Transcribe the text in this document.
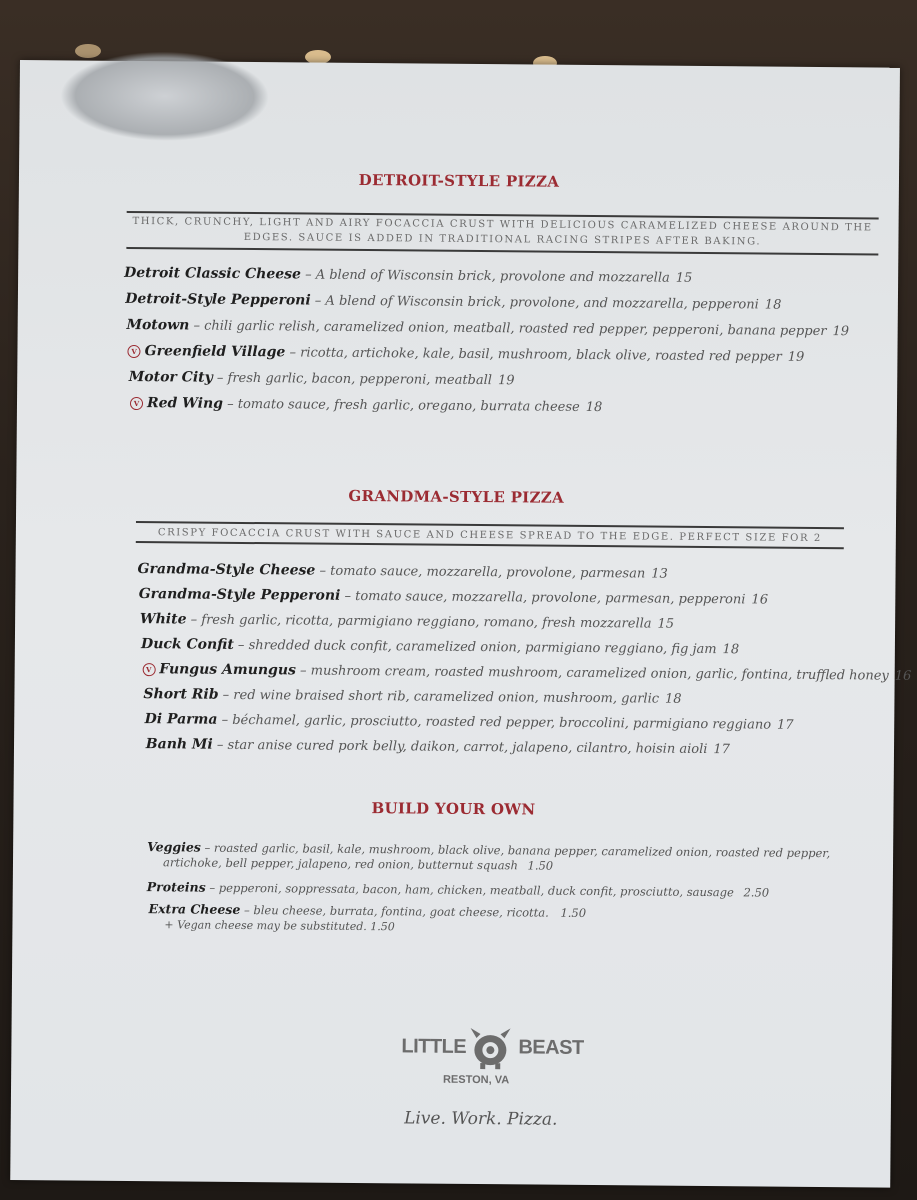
DETROIT-STYLE PIZZA
THICK, CRUNCHY, LIGHT AND AIRY FOCACCIA CRUST WITH DELICIOUS CARAMELIZED CHEESE AROUND THE
EDGES. SAUCE IS ADDED IN TRADITIONAL RACING STRIPES AFTER BAKING.
Detroit Classic Cheese – A blend of Wisconsin brick, provolone and mozzarella 15
Detroit-Style Pepperoni – A blend of Wisconsin brick, provolone, and mozzarella, pepperoni 18
Motown – chili garlic relish, caramelized onion, meatball, roasted red pepper, pepperoni, banana pepper 19
V Greenfield Village – ricotta, artichoke, kale, basil, mushroom, black olive, roasted red pepper 19
Motor City – fresh garlic, bacon, pepperoni, meatball 19
V Red Wing – tomato sauce, fresh garlic, oregano, burrata cheese 18
GRANDMA-STYLE PIZZA
CRISPY FOCACCIA CRUST WITH SAUCE AND CHEESE SPREAD TO THE EDGE. PERFECT SIZE FOR 2
Grandma-Style Cheese – tomato sauce, mozzarella, provolone, parmesan 13
Grandma-Style Pepperoni – tomato sauce, mozzarella, provolone, parmesan, pepperoni 16
White – fresh garlic, ricotta, parmigiano reggiano, romano, fresh mozzarella 15
Duck Confit – shredded duck confit, caramelized onion, parmigiano reggiano, fig jam 18
V Fungus Amungus – mushroom cream, roasted mushroom, caramelized onion, garlic, fontina, truffled honey 16
Short Rib – red wine braised short rib, caramelized onion, mushroom, garlic 18
Di Parma – béchamel, garlic, prosciutto, roasted red pepper, broccolini, parmigiano reggiano 17
Banh Mi – star anise cured pork belly, daikon, carrot, jalapeno, cilantro, hoisin aioli 17
BUILD YOUR OWN
Veggies – roasted garlic, basil, kale, mushroom, black olive, banana pepper, caramelized onion, roasted red pepper,
artichoke, bell pepper, jalapeno, red onion, butternut squash 1.50
Proteins – pepperoni, soppressata, bacon, ham, chicken, meatball, duck confit, prosciutto, sausage 2.50
Extra Cheese – bleu cheese, burrata, fontina, goat cheese, ricotta. 1.50
+ Vegan cheese may be substituted. 1.50
LITTLE	BEAST
RESTON, VA
Live. Work. Pizza.
